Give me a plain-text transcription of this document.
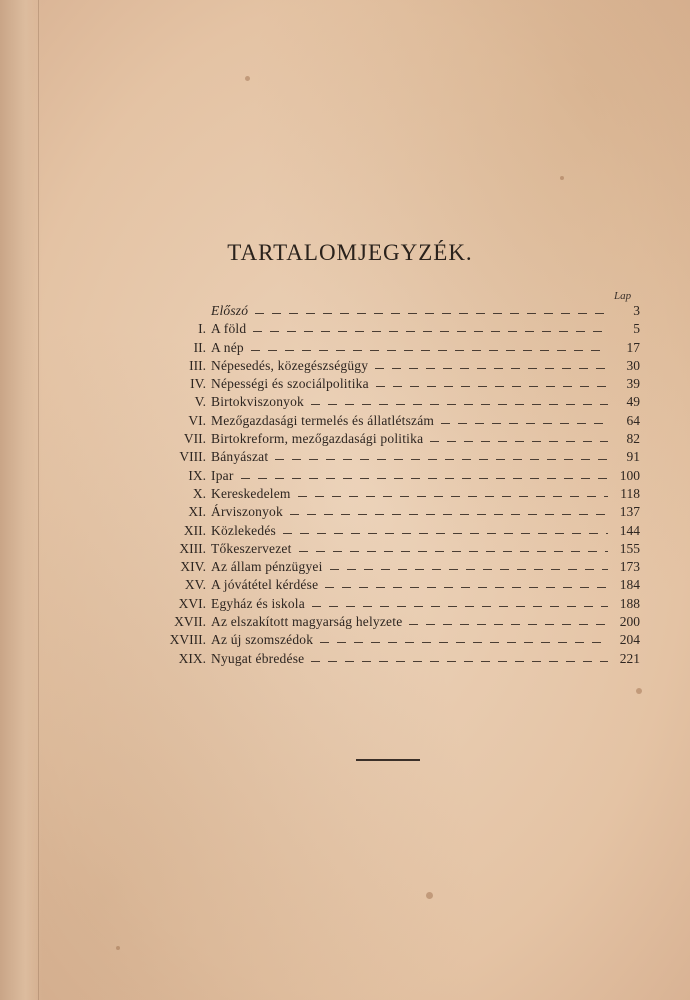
TARTALOMJEGYZÉK.
Lap
Előszó	3
I. A föld	5
II. A nép	17
III. Népesedés, közegészségügy	30
IV. Népességi és szociálpolitika	39
V. Birtokviszonyok	49
VI. Mezőgazdasági termelés és állatlétszám	64
VII. Birtokreform, mezőgazdasági politika	82
VIII. Bányászat	91
IX. Ipar	100
X. Kereskedelem	118
XI. Árviszonyok	137
XII. Közlekedés	144
XIII. Tőkeszervezet	155
XIV. Az állam pénzügyei	173
XV. A jóvátétel kérdése	184
XVI. Egyház és iskola	188
XVII. Az elszakított magyarság helyzete	200
XVIII. Az új szomszédok	204
XIX. Nyugat ébredése	221
